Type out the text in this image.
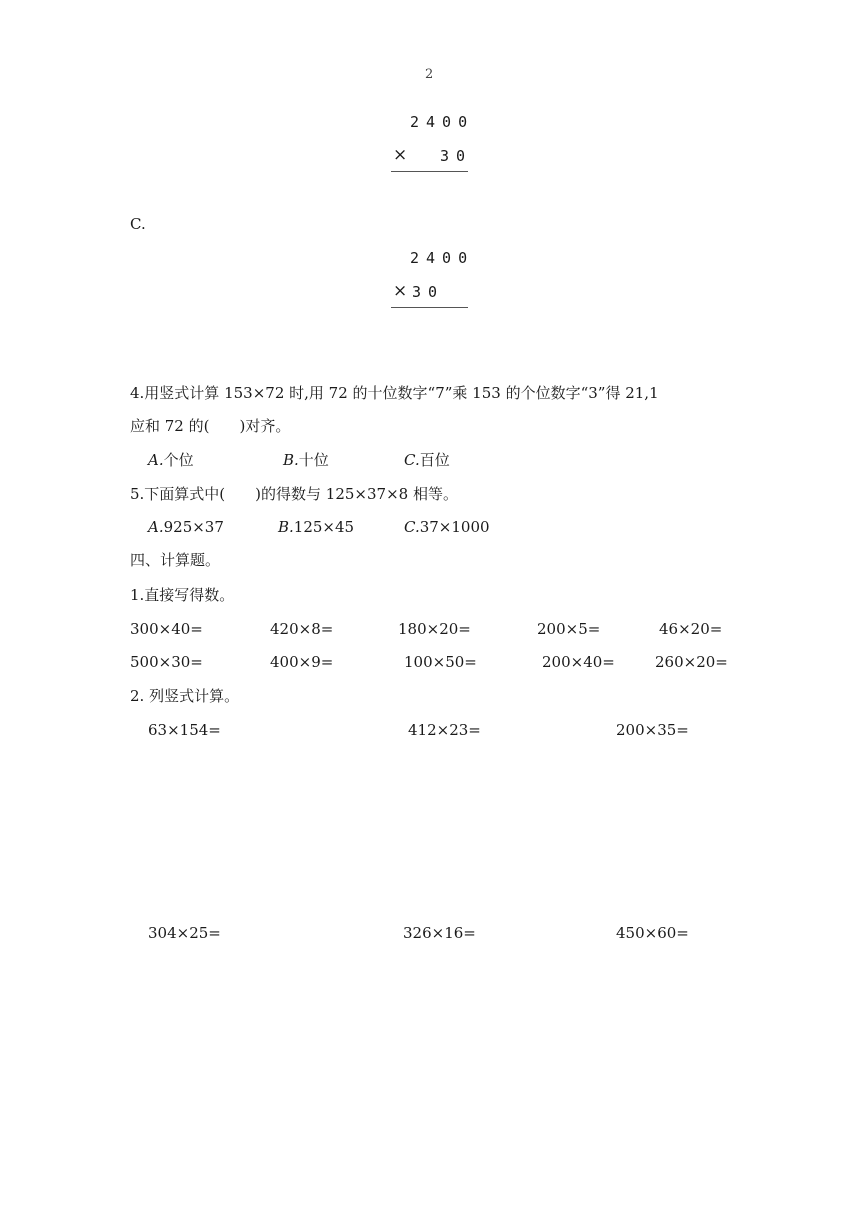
2
2400
× 30
C.
2400
× 30
4.用竖式计算 153×72 时,用 72 的十位数字“7”乘 153 的个位数字“3”得 21,1
应和 72 的(　　)对齐。
A.个位	B.十位	C.百位
5.下面算式中(　　)的得数与 125×37×8 相等。
A.925×37	B.125×45	C.37×1000
四、计算题。
1.直接写得数。
300×40=	420×8=	180×20=	200×5=	46×20=
500×30=	400×9=	100×50=	200×40=	260×20=
2. 列竖式计算。
63×154=	412×23=	200×35=
304×25=	326×16=	450×60=
